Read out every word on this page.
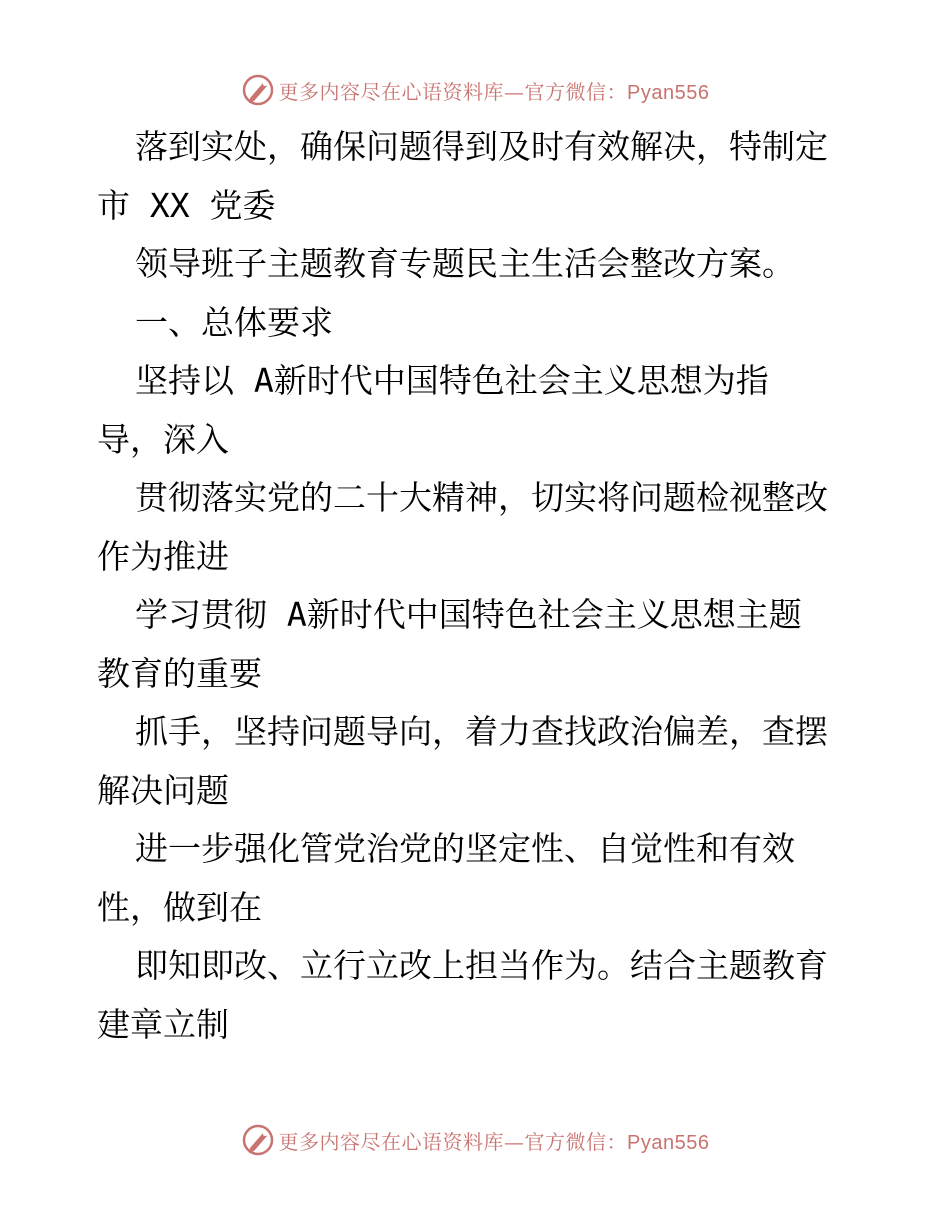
更多内容尽在心语资料库—官方微信：Pyan556
落到实处，确保问题得到及时有效解决，特制定
市 XX 党委
领导班子主题教育专题民主生活会整改方案。
一、总体要求
坚持以 A新时代中国特色社会主义思想为指
导，深入
贯彻落实党的二十大精神，切实将问题检视整改
作为推进
学习贯彻 A新时代中国特色社会主义思想主题
教育的重要
抓手，坚持问题导向，着力查找政治偏差，查摆
解决问题
进一步强化管党治党的坚定性、自觉性和有效
性，做到在
即知即改、立行立改上担当作为。结合主题教育
建章立制
更多内容尽在心语资料库—官方微信：Pyan556
